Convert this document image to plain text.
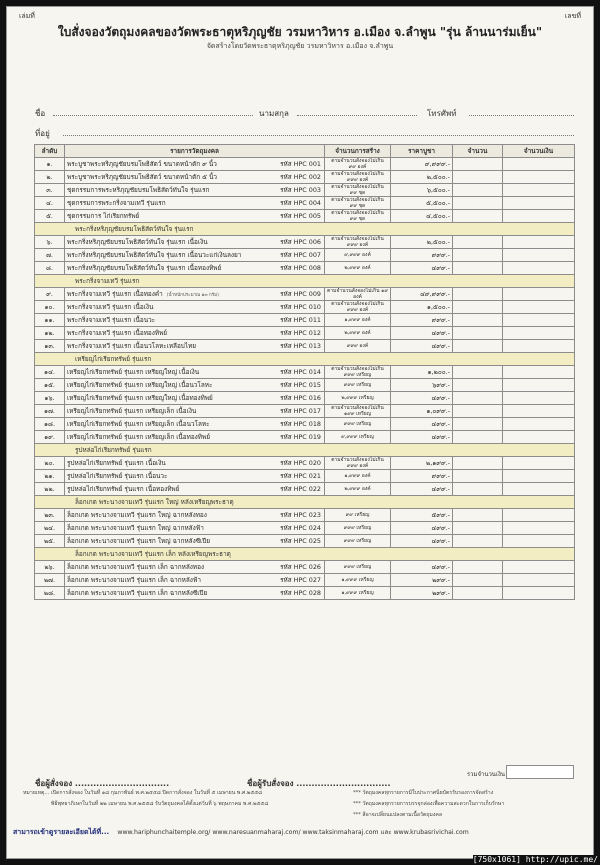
เล่มที่	เลขที่
ใบสั่งจองวัตถุมงคลของวัดพระธาตุหริภุญชัย วรมหาวิหาร อ.เมือง จ.ลำพูน "รุ่น ล้านนาร่มเย็น"
จัดสร้างโดยวัดพระธาตุหริภุญชัย วรมหาวิหาร อ.เมือง จ.ลำพูน
ชื่อ	นามสกุล	โทรศัพท์
ที่อยู่
ลำดับ	รายการวัตถุมงคล	จำนวนการสร้าง	ราคาบูชา	จำนวน	จำนวนเงิน
๑.	พระบูชาพระหริภุญชัยบรมโพธิสัตว์ ขนาดหน้าตัก ๙ นิ้ว รหัส HPC 001	ตามจำนวนสั่งจองไม่เกิน ๙๙ องค์	๙,๙๙๙.-		
๒.	พระบูชาพระหริภุญชัยบรมโพธิสัตว์ ขนาดหน้าตัก ๕ นิ้ว รหัส HPC 002	ตามจำนวนสั่งจองไม่เกิน ๙๙๙ องค์	๒,๕๐๐.-		
๓.	ชุดกรรมการพระหริภุญชัยบรมโพธิสัตว์ทันใจ รุ่นแรก รหัส HPC 003	ตามจำนวนสั่งจองไม่เกิน ๙๙ ชุด	๖,๕๐๐.-		
๔.	ชุดกรรมการพระกริ่งจามเทวี รุ่นแรก รหัส HPC 004	ตามจำนวนสั่งจองไม่เกิน ๙๙ ชุด	๕,๕๐๐.-		
๕.	ชุดกรรมการ ไก่เรียกทรัพย์ รหัส HPC 005	ตามจำนวนสั่งจองไม่เกิน ๙๙ ชุด	๔,๕๐๐.-		
พระกริ่งหริภุญชัยบรมโพธิสัตว์ทันใจ รุ่นแรก					
๖.	พระกริ่งหริภุญชัยบรมโพธิสัตว์ทันใจ รุ่นแรก เนื้อเงิน รหัส HPC 006	ตามจำนวนสั่งจองไม่เกิน ๙๙๙ องค์	๒,๕๐๐.-		
๗.	พระกริ่งหริภุญชัยบรมโพธิสัตว์ทันใจ รุ่นแรก เนื้อนวะแก่เงินลงยา รหัส HPC 007	๙,๙๙๙ องค์	๙๙๙.-		
๘.	พระกริ่งหริภุญชัยบรมโพธิสัตว์ทันใจ รุ่นแรก เนื้อทองทิพย์ รหัส HPC 008	๒,๙๙๙ องค์	๔๙๙.-		
พระกริ่งจามเทวี รุ่นแรก					
๙.	พระกริ่งจามเทวี รุ่นแรก เนื้อทองคำ (น้ำหนักประมาณ ๑๓ กรัม) รหัส HPC 009	ตามจำนวนสั่งจองไม่เกิน ๑๙ องค์	๔๙,๙๙๙.-		
๑๐.	พระกริ่งจามเทวี รุ่นแรก เนื้อเงิน รหัส HPC 010	ตามจำนวนสั่งจองไม่เกิน ๙๙๙ องค์	๑,๕๐๐.-		
๑๑.	พระกริ่งจามเทวี รุ่นแรก เนื้อนวะ รหัส HPC 011	๑,๙๙๙ องค์	๙๙๙.-		
๑๒.	พระกริ่งจามเทวี รุ่นแรก เนื้อทองทิพย์ รหัส HPC 012	๒,๙๙๙ องค์	๔๙๙.-		
๑๓.	พระกริ่งจามเทวี รุ่นแรก เนื้อนวโลหะเหลือบไทย รหัส HPC 013	๙๙๙ องค์	๔๙๙.-		
เหรียญไก่เรียกทรัพย์ รุ่นแรก					
๑๔.	เหรียญไก่เรียกทรัพย์ รุ่นแรก เหรียญใหญ่ เนื้อเงิน รหัส HPC 014	ตามจำนวนสั่งจองไม่เกิน ๙๙๙ เหรียญ	๑,๒๐๐.-		
๑๕.	เหรียญไก่เรียกทรัพย์ รุ่นแรก เหรียญใหญ่ เนื้อนวโลหะ รหัส HPC 015	๙๙๙ เหรียญ	๖๙๙.-		
๑๖.	เหรียญไก่เรียกทรัพย์ รุ่นแรก เหรียญใหญ่ เนื้อทองทิพย์ รหัส HPC 016	๒,๙๙๙ เหรียญ	๔๙๙.-		
๑๗.	เหรียญไก่เรียกทรัพย์ รุ่นแรก เหรียญเล็ก เนื้อเงิน รหัส HPC 017	ตามจำนวนสั่งจองไม่เกิน ๑๙๙ เหรียญ	๑,๐๙๙.-		
๑๘.	เหรียญไก่เรียกทรัพย์ รุ่นแรก เหรียญเล็ก เนื้อนวโลหะ รหัส HPC 018	๙๙๙ เหรียญ	๔๙๙.-		
๑๙.	เหรียญไก่เรียกทรัพย์ รุ่นแรก เหรียญเล็ก เนื้อทองทิพย์ รหัส HPC 019	๙,๙๙๙ เหรียญ	๔๙๙.-		
รูปหล่อไก่เรียกทรัพย์ รุ่นแรก					
๒๐.	รูปหล่อไก่เรียกทรัพย์ รุ่นแรก เนื้อเงิน รหัส HPC 020	ตามจำนวนสั่งจองไม่เกิน ๙๙๙ องค์	๒,๑๙๙.-		
๒๑.	รูปหล่อไก่เรียกทรัพย์ รุ่นแรก เนื้อนวะ รหัส HPC 021	๑,๙๙๙ องค์	๙๙๙.-		
๒๒.	รูปหล่อไก่เรียกทรัพย์ รุ่นแรก เนื้อทองทิพย์ รหัส HPC 022	๒,๙๙๙ องค์	๔๙๙.-		
ล็อกเกต พระนางจามเทวี รุ่นแรก ใหญ่ หลังเหรียญพระธาตุ					
๒๓.	ล็อกเกต พระนางจามเทวี รุ่นแรก ใหญ่ ฉากหลังทอง รหัส HPC 023	๙๙ เหรียญ	๕๙๙.-		
๒๔.	ล็อกเกต พระนางจามเทวี รุ่นแรก ใหญ่ ฉากหลังฟ้า รหัส HPC 024	๙๙๙ เหรียญ	๔๙๙.-		
๒๕.	ล็อกเกต พระนางจามเทวี รุ่นแรก ใหญ่ ฉากหลังซีเปีย รหัส HPC 025	๙๙๙ เหรียญ	๔๙๙.-		
ล็อกเกต พระนางจามเทวี รุ่นแรก เล็ก หลังเหรียญพระธาตุ					
๒๖.	ล็อกเกต พระนางจามเทวี รุ่นแรก เล็ก ฉากหลังทอง รหัส HPC 026	๙๙๙ เหรียญ	๔๙๙.-		
๒๗.	ล็อกเกต พระนางจามเทวี รุ่นแรก เล็ก ฉากหลังฟ้า รหัส HPC 027	๑,๙๙๙ เหรียญ	๒๙๙.-		
๒๘.	ล็อกเกต พระนางจามเทวี รุ่นแรก เล็ก ฉากหลังซีเปีย รหัส HPC 028	๑,๙๙๙ เหรียญ	๒๙๙.-		
รวมจำนวนเงิน
ชื่อผู้สั่งจอง ...............................	ชื่อผู้รับสั่งจอง ...............................
หมายเหตุ... เปิดการสั่งจอง ในวันที่ ๑๘ กุมภาพันธ์ พ.ศ.๒๕๕๘ ปิดการสั่งจอง ในวันที่ ๕ เมษายน พ.ศ.๒๕๕๘
พิธีพุทธาภิเษกในวันที่ ๒๒ เมษายน พ.ศ.๒๕๕๘ รับวัตถุมงคลได้ตั้งแต่วันที่ ๖ พฤษภาคม พ.ศ.๒๕๕๘
*** วัตถุมงคลทุกรายการมีใบประกาศนียบัตรรับรองการจัดสร้าง
*** วัตถุมงคลทุกรายการบรรจุกล่องเพื่อความสะดวกในการเก็บรักษา
*** สีอาจเปลี่ยนแปลงตามเนื้อวัตถุมงคล
สามารถเข้าดูรายละเอียดได้ที่... www.hariphunchaitemple.org/ www.naresuanmaharaj.com/ www.taksinmaharaj.com และ www.krubasrivichai.com
[750x1061] http://upic.me/
